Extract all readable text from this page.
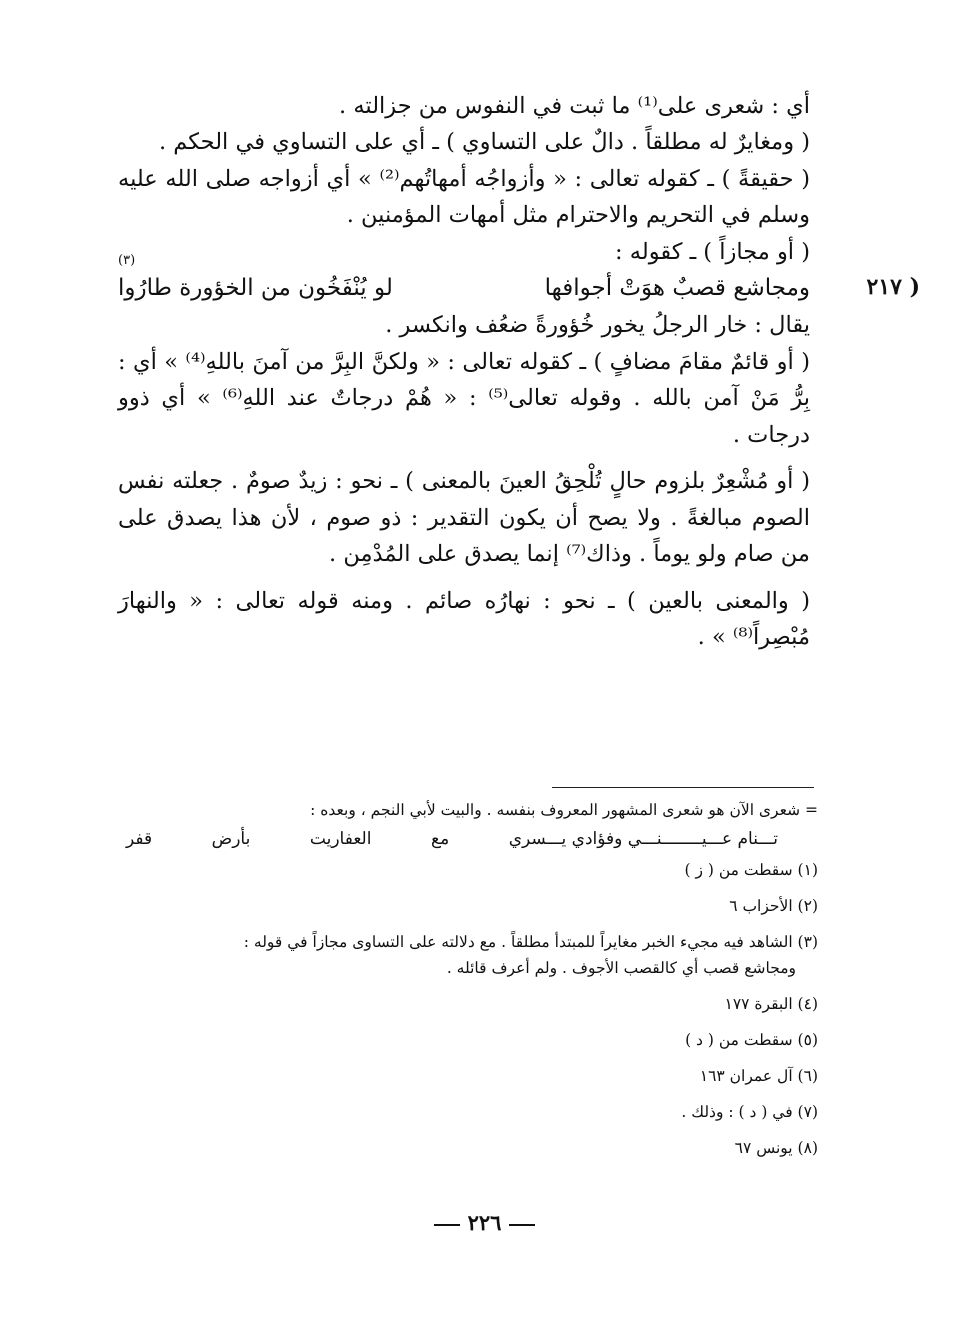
أي : شعرى على⁽¹⁾ ما ثبت في النفوس من جزالته .

( ومغايرٌ له مطلقاً . دالٌ على التساوي ) ـ أي على التساوي في الحكم .

( حقيقةً ) ـ كقوله تعالى : « وأزواجُه أمهاتُهم⁽²⁾ » أي أزواجه صلى الله عليه وسلم في التحريم والاحترام مثل أمهات المؤمنين .

( أو مجازاً ) ـ كقوله :

( ٢١٧
ومجاشع قصبٌ هوَتْ أجوافها
لو يُنْفَخُون من الخؤورة طارُوا
(٣)

يقال : خار الرجلُ يخور خُؤورةً ضعُف وانكسر .

( أو قائمٌ مقامَ مضافٍ ) ـ كقوله تعالى : « ولكنَّ البِرَّ من آمنَ باللهِ⁽⁴⁾ » أي : بِرُّ مَنْ آمن بالله . وقوله تعالى⁽⁵⁾ : « هُمْ درجاتٌ عند اللهِ⁽⁶⁾ » أي ذوو درجات .

( أو مُشْعِرٌ بلزوم حالٍ تُلْحِقُ العينَ بالمعنى ) ـ نحو : زيدٌ صومٌ . جعلته نفس الصوم مبالغةً . ولا يصح أن يكون التقدير : ذو صوم ، لأن هذا يصدق على من صام ولو يوماً . وذاك⁽⁷⁾ إنما يصدق على المُدْمِن .

( والمعنى بالعين ) ـ نحو : نهارُه صائم . ومنه قوله تعالى : « والنهارَ مُبْصِراً⁽⁸⁾ » .

= شعرى الآن هو شعرى المشهور المعروف بنفسه . والبيت لأبي النجم ، وبعده :

تـــنام عـــيــــــــنـــي وفؤادي يـــسري
مع
العفاريت
بأرض
قفر

(١) سقطت من ( ز )

(٢) الأحزاب ٦

(٣) الشاهد فيه مجيء الخبر مغايراً للمبتدأ مطلقاً . مع دلالته على التساوى مجازاً في قوله :

ومجاشع قصب أي كالقصب الأجوف . ولم أعرف قائله .

(٤) البقرة ١٧٧

(٥) سقطت من ( د )

(٦) آل عمران ١٦٣

(٧) في ( د ) : وذلك .

(٨) يونس ٦٧

٢٢٦
